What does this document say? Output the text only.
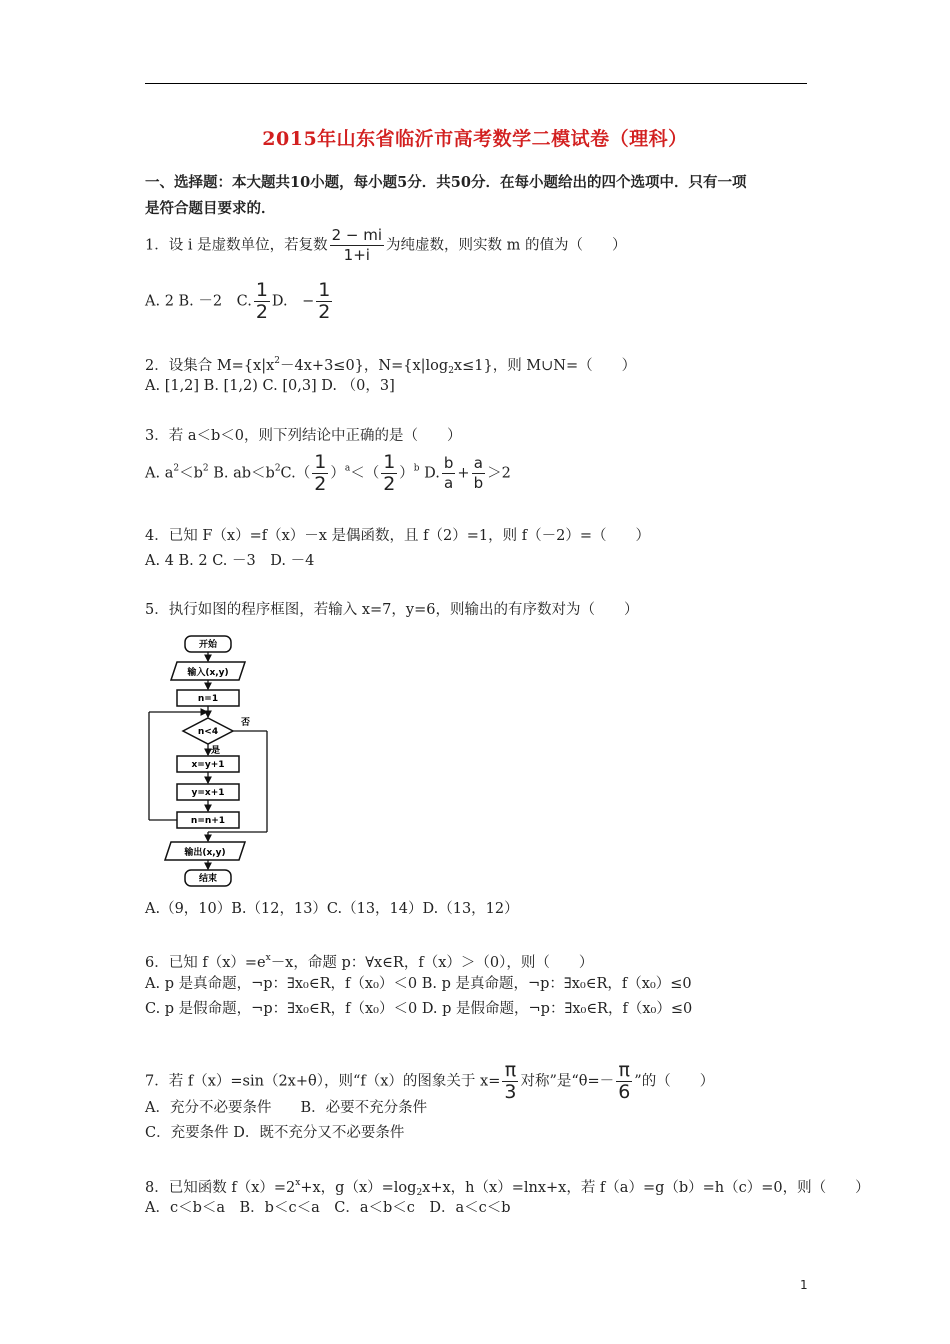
2015年山东省临沂市高考数学二模试卷（理科）
一、选择题：本大题共10小题，每小题5分．共50分．在每小题给出的四个选项中．只有一项
是符合题目要求的．
1．设 i 是虚数单位，若复数 $\frac{2 - mi}{1+i}$ 为纯虚数，则实数 m 的值为（　　）
A. 2 B. －2　C. $\frac{1}{2} D$.　− $\frac{1}{2}$
2．设集合 $M=\{x|x^2-4x+3\le 0\}$，$N=\{x|\log_2x\le 1\}$，则 M∪N=（　　）
A. [1,2] B. [1,2) C. [0,3] D. （0，3]
3．若 a＜b＜0，则下列结论中正确的是（　　）
A. $a^2<b^2$ B. $ab<b^2C.( \frac{1}{2} )^a<( \frac{1}{2} )^b$ D. $\frac{b}{a} + \frac{a}{b} >2$
4．已知 F（x）=f（x）－x 是偶函数，且 f（2）=1，则 f（－2）=（　　）
A. 4 B. 2 C. －3　D. －4
5．执行如图的程序框图，若输入 x=7，y=6，则输出的有序数对为（　　）
开始
输入(x,y)
n=1
n<4
否
是
x=y+1
y=x+1
n=n+1
输出(x,y)
结束
A.（9，10）B.（12，13）C.（13，14）D.（13，12）
6．已知 $f(x)=e^x-x$，命题 p：∀x∈R，f（x）＞（0），则（　　）
A. p 是真命题，¬p：∃x₀∈R，f（x₀）＜0 B. p 是真命题，¬p：∃x₀∈R，f（x₀）≤0
C. p 是假命题，¬p：∃x₀∈R，f（x₀）＜0 D. p 是假命题，¬p：∃x₀∈R，f（x₀）≤0
7．若 f（x）=sin（2x+θ），则“f（x）的图象关于 $x= \frac{\pi}{3}$ 对称”是“$\theta=- \frac{\pi}{6}$ ”的（　　）
A．充分不必要条件　　B．必要不充分条件
C．充要条件 D．既不充分又不必要条件
8．已知函数 $f(x)=2^x+x$，$g(x)=\log_2x+x$，h（x）=lnx+x，若 f（a）=g（b）=h（c）=0，则（　　）
A．c＜b＜a　B．b＜c＜a　C．a＜b＜c　D．a＜c＜b
1
